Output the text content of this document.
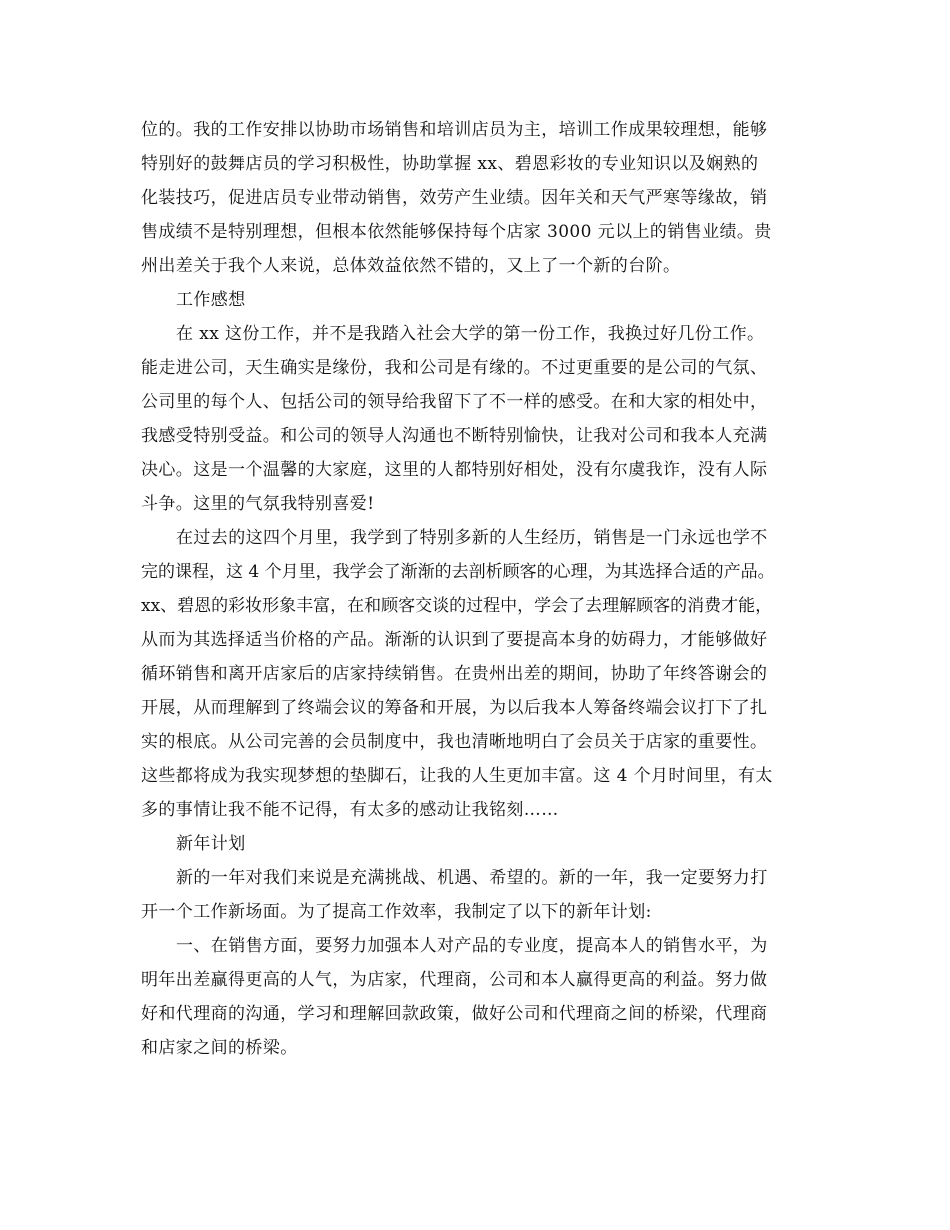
位的。我的工作安排以协助市场销售和培训店员为主，培训工作成果较理想，能够
特别好的鼓舞店员的学习积极性，协助掌握 xx、碧恩彩妆的专业知识以及娴熟的
化装技巧，促进店员专业带动销售，效劳产生业绩。因年关和天气严寒等缘故，销
售成绩不是特别理想，但根本依然能够保持每个店家 3000 元以上的销售业绩。贵
州出差关于我个人来说，总体效益依然不错的，又上了一个新的台阶。
工作感想
在 xx 这份工作，并不是我踏入社会大学的第一份工作，我换过好几份工作。
能走进公司，天生确实是缘份，我和公司是有缘的。不过更重要的是公司的气氛、
公司里的每个人、包括公司的领导给我留下了不一样的感受。在和大家的相处中，
我感受特别受益。和公司的领导人沟通也不断特别愉快，让我对公司和我本人充满
决心。这是一个温馨的大家庭，这里的人都特别好相处，没有尔虞我诈，没有人际
斗争。这里的气氛我特别喜爱!
在过去的这四个月里，我学到了特别多新的人生经历，销售是一门永远也学不
完的课程，这 4 个月里，我学会了渐渐的去剖析顾客的心理，为其选择合适的产品。
xx、碧恩的彩妆形象丰富，在和顾客交谈的过程中，学会了去理解顾客的消费才能，
从而为其选择适当价格的产品。渐渐的认识到了要提高本身的妨碍力，才能够做好
循环销售和离开店家后的店家持续销售。在贵州出差的期间，协助了年终答谢会的
开展，从而理解到了终端会议的筹备和开展，为以后我本人筹备终端会议打下了扎
实的根底。从公司完善的会员制度中，我也清晰地明白了会员关于店家的重要性。
这些都将成为我实现梦想的垫脚石，让我的人生更加丰富。这 4 个月时间里，有太
多的事情让我不能不记得，有太多的感动让我铭刻……
新年计划
新的一年对我们来说是充满挑战、机遇、希望的。新的一年，我一定要努力打
开一个工作新场面。为了提高工作效率，我制定了以下的新年计划:
一、在销售方面，要努力加强本人对产品的专业度，提高本人的销售水平，为
明年出差赢得更高的人气，为店家，代理商，公司和本人赢得更高的利益。努力做
好和代理商的沟通，学习和理解回款政策，做好公司和代理商之间的桥梁，代理商
和店家之间的桥梁。
